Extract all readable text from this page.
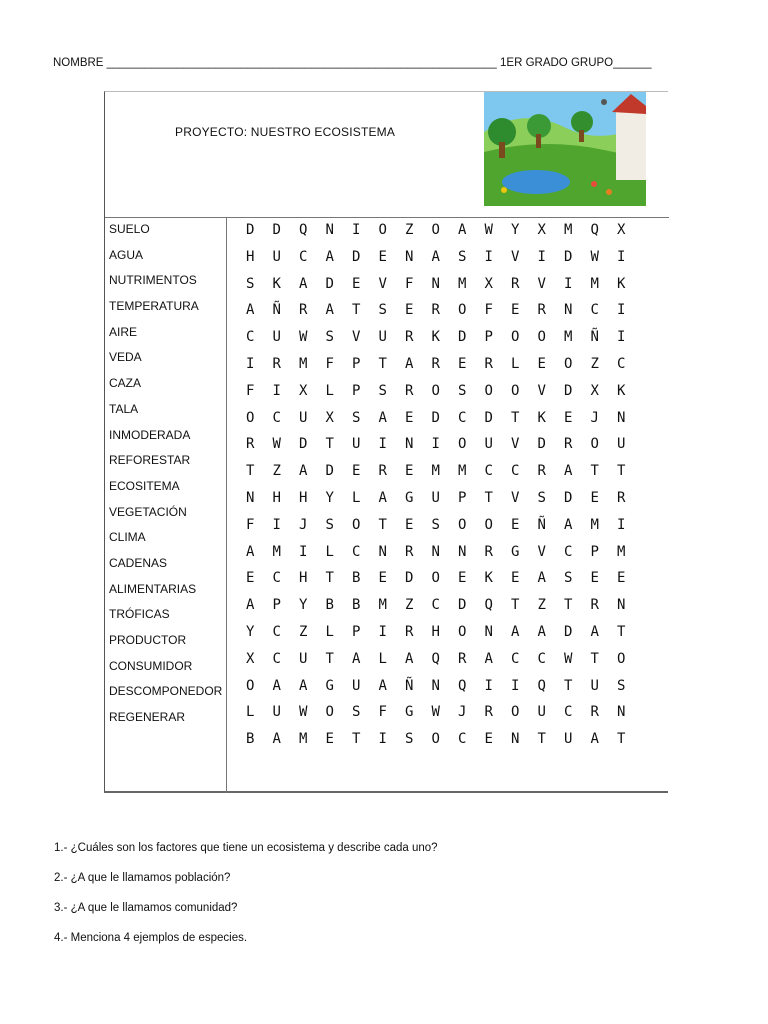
NOMBRE _____________________________________________________________ 1ER GRADO GRUPO______
PROYECTO: NUESTRO ECOSISTEMA
SUELO
AGUA
NUTRIMENTOS
TEMPERATURA
AIRE
VEDA
CAZA
TALA
INMODERADA
REFORESTAR
ECOSITEMA
VEGETACIÓN
CLIMA
CADENAS
ALIMENTARIAS
TRÓFICAS
PRODUCTOR
CONSUMIDOR
DESCOMPONEDOR
REGENERAR
D	D	Q	N	I	O	Z	O	A	W	Y	X	M	Q	X
H	U	C	A	D	E	N	A	S	I	V	I	D	W	I
S	K	A	D	E	V	F	N	M	X	R	V	I	M	K
A	Ñ	R	A	T	S	E	R	O	F	E	R	N	C	I
C	U	W	S	V	U	R	K	D	P	O	O	M	Ñ	I
I	R	M	F	P	T	A	R	E	R	L	E	O	Z	C
F	I	X	L	P	S	R	O	S	O	O	V	D	X	K
O	C	U	X	S	A	E	D	C	D	T	K	E	J	N
R	W	D	T	U	I	N	I	O	U	V	D	R	O	U
T	Z	A	D	E	R	E	M	M	C	C	R	A	T	T
N	H	H	Y	L	A	G	U	P	T	V	S	D	E	R
F	I	J	S	O	T	E	S	O	O	E	Ñ	A	M	I
A	M	I	L	C	N	R	N	N	R	G	V	C	P	M
E	C	H	T	B	E	D	O	E	K	E	A	S	E	E
A	P	Y	B	B	M	Z	C	D	Q	T	Z	T	R	N
Y	C	Z	L	P	I	R	H	O	N	A	A	D	A	T
X	C	U	T	A	L	A	Q	R	A	C	C	W	T	O
O	A	A	G	U	A	Ñ	N	Q	I	I	Q	T	U	S
L	U	W	O	S	F	G	W	J	R	O	U	C	R	N
B	A	M	E	T	I	S	O	C	E	N	T	U	A	T
1.- ¿Cuáles son los factores que tiene un ecosistema y describe cada uno?
2.- ¿A que le llamamos población?
3.- ¿A que le llamamos comunidad?
4.- Menciona 4 ejemplos de especies.
